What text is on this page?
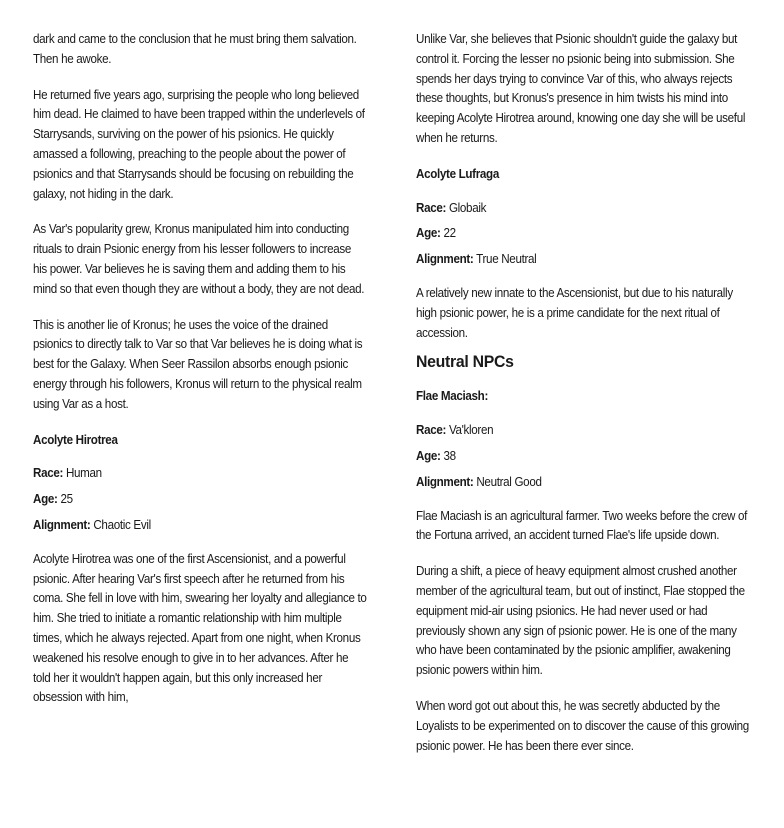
dark and came to the conclusion that he must bring them salvation. Then he awoke.

He returned five years ago, surprising the people who long believed him dead. He claimed to have been trapped within the underlevels of Starrysands, surviving on the power of his psionics. He quickly amassed a following, preaching to the people about the power of psionics and that Starrysands should be focusing on rebuilding the galaxy, not hiding in the dark.

As Var's popularity grew, Kronus manipulated him into conducting rituals to drain Psionic energy from his lesser followers to increase his power. Var believes he is saving them and adding them to his mind so that even though they are without a body, they are not dead.

This is another lie of Kronus; he uses the voice of the drained psionics to directly talk to Var so that Var believes he is doing what is best for the Galaxy. When Seer Rassilon absorbs enough psionic energy through his followers, Kronus will return to the physical realm using Var as a host.

Acolyte Hirotrea
Race: Human
Age: 25
Alignment: Chaotic Evil

Acolyte Hirotrea was one of the first Ascensionist, and a powerful psionic. After hearing Var's first speech after he returned from his coma. She fell in love with him, swearing her loyalty and allegiance to him. She tried to initiate a romantic relationship with him multiple times, which he always rejected. Apart from one night, when Kronus weakened his resolve enough to give in to her advances. After he told her it wouldn't happen again, but this only increased her obsession with him,

Unlike Var, she believes that Psionic shouldn't guide the galaxy but control it. Forcing the lesser no psionic being into submission. She spends her days trying to convince Var of this, who always rejects these thoughts, but Kronus's presence in him twists his mind into keeping Acolyte Hirotrea around, knowing one day she will be useful when he returns.

Acolyte Lufraga
Race: Globaik
Age: 22
Alignment: True Neutral

A relatively new innate to the Ascensionist, but due to his naturally high psionic power, he is a prime candidate for the next ritual of accession.

Neutral NPCs
Flae Maciash:
Race: Va'kloren
Age: 38
Alignment: Neutral Good

Flae Maciash is an agricultural farmer. Two weeks before the crew of the Fortuna arrived, an accident turned Flae's life upside down.

During a shift, a piece of heavy equipment almost crushed another member of the agricultural team, but out of instinct, Flae stopped the equipment mid-air using psionics. He had never used or had previously shown any sign of psionic power. He is one of the many who have been contaminated by the psionic amplifier, awakening psionic powers within him.

When word got out about this, he was secretly abducted by the Loyalists to be experimented on to discover the cause of this growing psionic power. He has been there ever since.
